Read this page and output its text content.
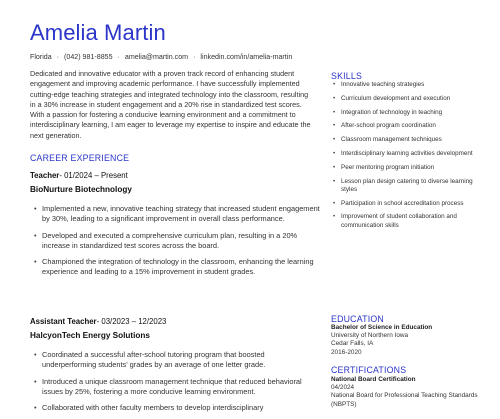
Amelia Martin
Florida · (042) 981-8855 · amelia@martin.com · linkedin.com/in/amelia-martin

Dedicated and innovative educator with a proven track record of enhancing student engagement and improving academic performance. I have successfully implemented cutting-edge teaching strategies and integrated technology into the classroom, resulting in a 30% increase in student engagement and a 20% rise in standardized test scores. With a passion for fostering a conducive learning environment and a commitment to interdisciplinary learning, I am eager to leverage my expertise to inspire and educate the next generation.

CAREER EXPERIENCE
Teacher- 01/2024 – Present
BioNurture Biotechnology
• Implemented a new, innovative teaching strategy that increased student engagement by 30%, leading to a significant improvement in overall class performance.
• Developed and executed a comprehensive curriculum plan, resulting in a 20% increase in standardized test scores across the board.
• Championed the integration of technology in the classroom, enhancing the learning experience and leading to a 15% improvement in student grades.
Assistant Teacher- 03/2023 – 12/2023
HalcyonTech Energy Solutions
• Coordinated a successful after-school tutoring program that boosted underperforming students' grades by an average of one letter grade.
• Introduced a unique classroom management technique that reduced behavioral issues by 25%, fostering a more conducive learning environment.
• Collaborated with other faculty members to develop interdisciplinary
SKILLS
• Innovative teaching strategies
• Curriculum development and execution
• Integration of technology in teaching
• After-school program coordination
• Classroom management techniques
• Interdisciplinary learning activities development
• Peer mentoring program initiation
• Lesson plan design catering to diverse learning styles
• Participation in school accreditation process
• Improvement of student collaboration and communication skills
EDUCATION
Bachelor of Science in Education
University of Northern Iowa
Cedar Falls, IA
2016-2020
CERTIFICATIONS
National Board Certification
04/2024
National Board for Professional Teaching Standards (NBPTS)
